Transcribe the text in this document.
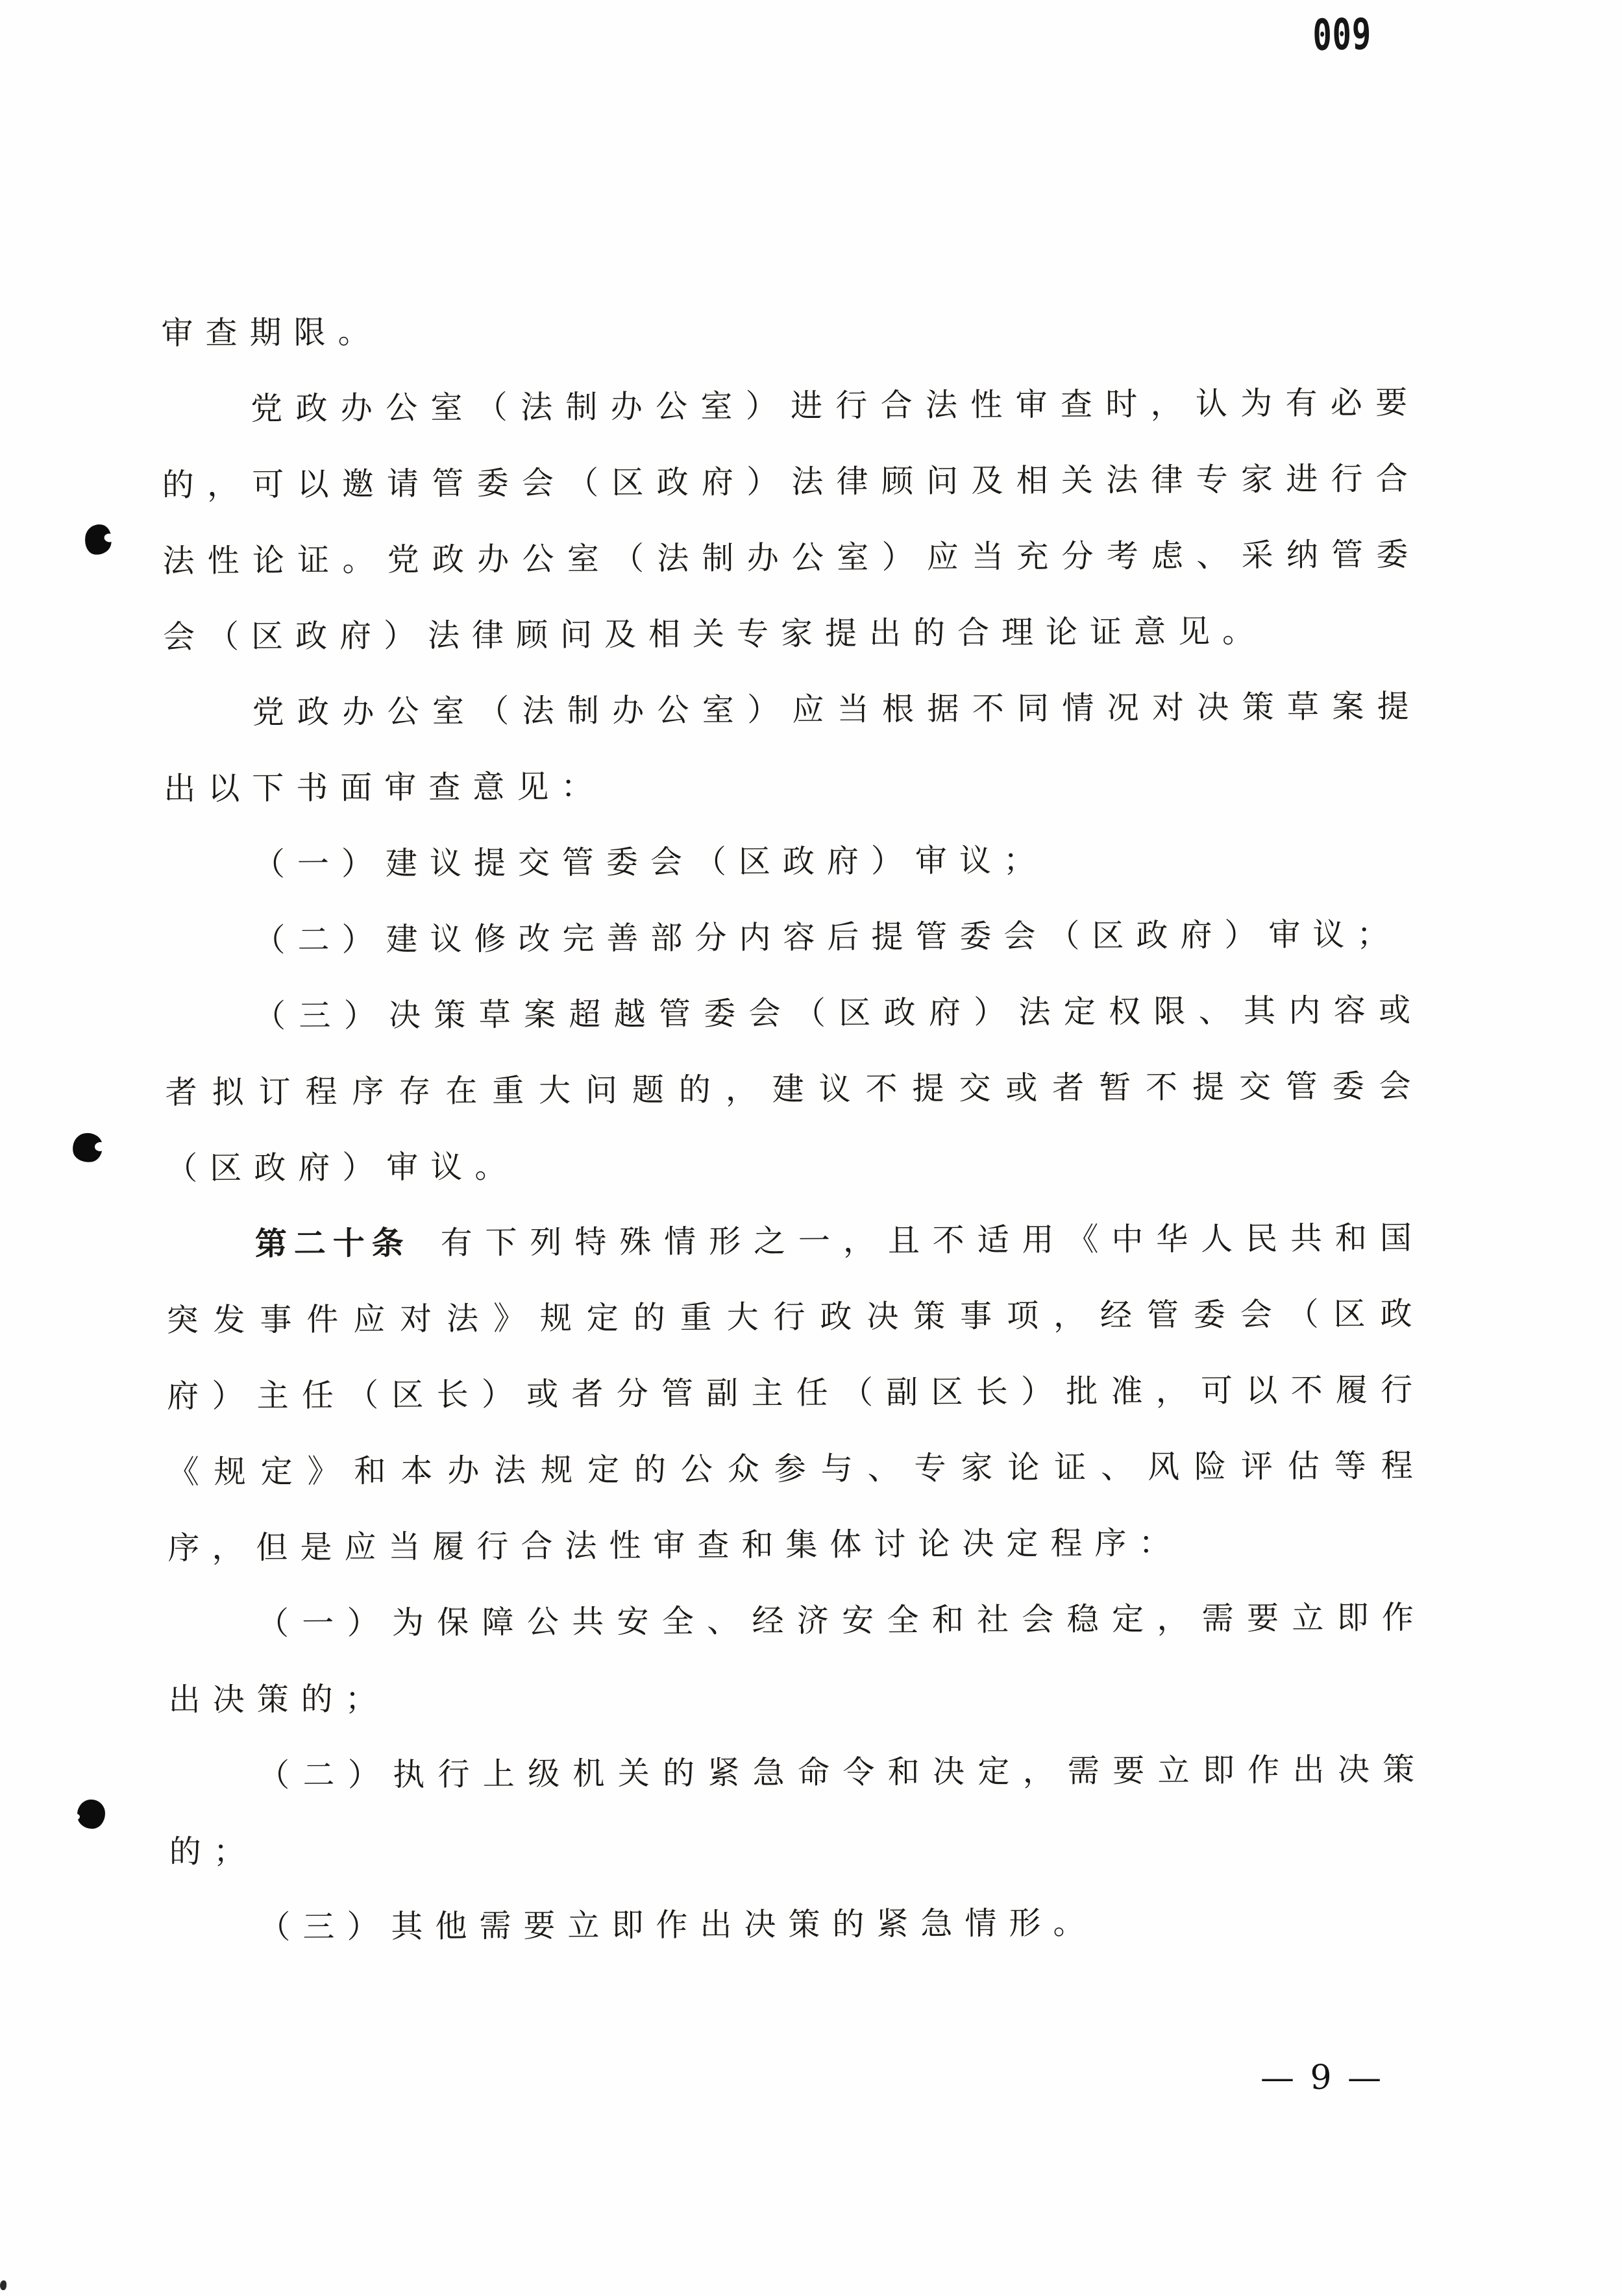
009

审查期限。

党政办公室（法制办公室）进行合法性审查时，认为有必要的，可以邀请管委会（区政府）法律顾问及相关法律专家进行合法性论证。党政办公室（法制办公室）应当充分考虑、采纳管委会（区政府）法律顾问及相关专家提出的合理论证意见。

党政办公室（法制办公室）应当根据不同情况对决策草案提出以下书面审查意见：

（一）建议提交管委会（区政府）审议；

（二）建议修改完善部分内容后提管委会（区政府）审议；

（三）决策草案超越管委会（区政府）法定权限、其内容或者拟订程序存在重大问题的，建议不提交或者暂不提交管委会（区政府）审议。

第二十条 有下列特殊情形之一，且不适用《中华人民共和国突发事件应对法》规定的重大行政决策事项，经管委会（区政府）主任（区长）或者分管副主任（副区长）批准，可以不履行《规定》和本办法规定的公众参与、专家论证、风险评估等程序，但是应当履行合法性审查和集体讨论决定程序：

（一）为保障公共安全、经济安全和社会稳定，需要立即作出决策的；

（二）执行上级机关的紧急命令和决定，需要立即作出决策的；

（三）其他需要立即作出决策的紧急情形。

— 9 —
